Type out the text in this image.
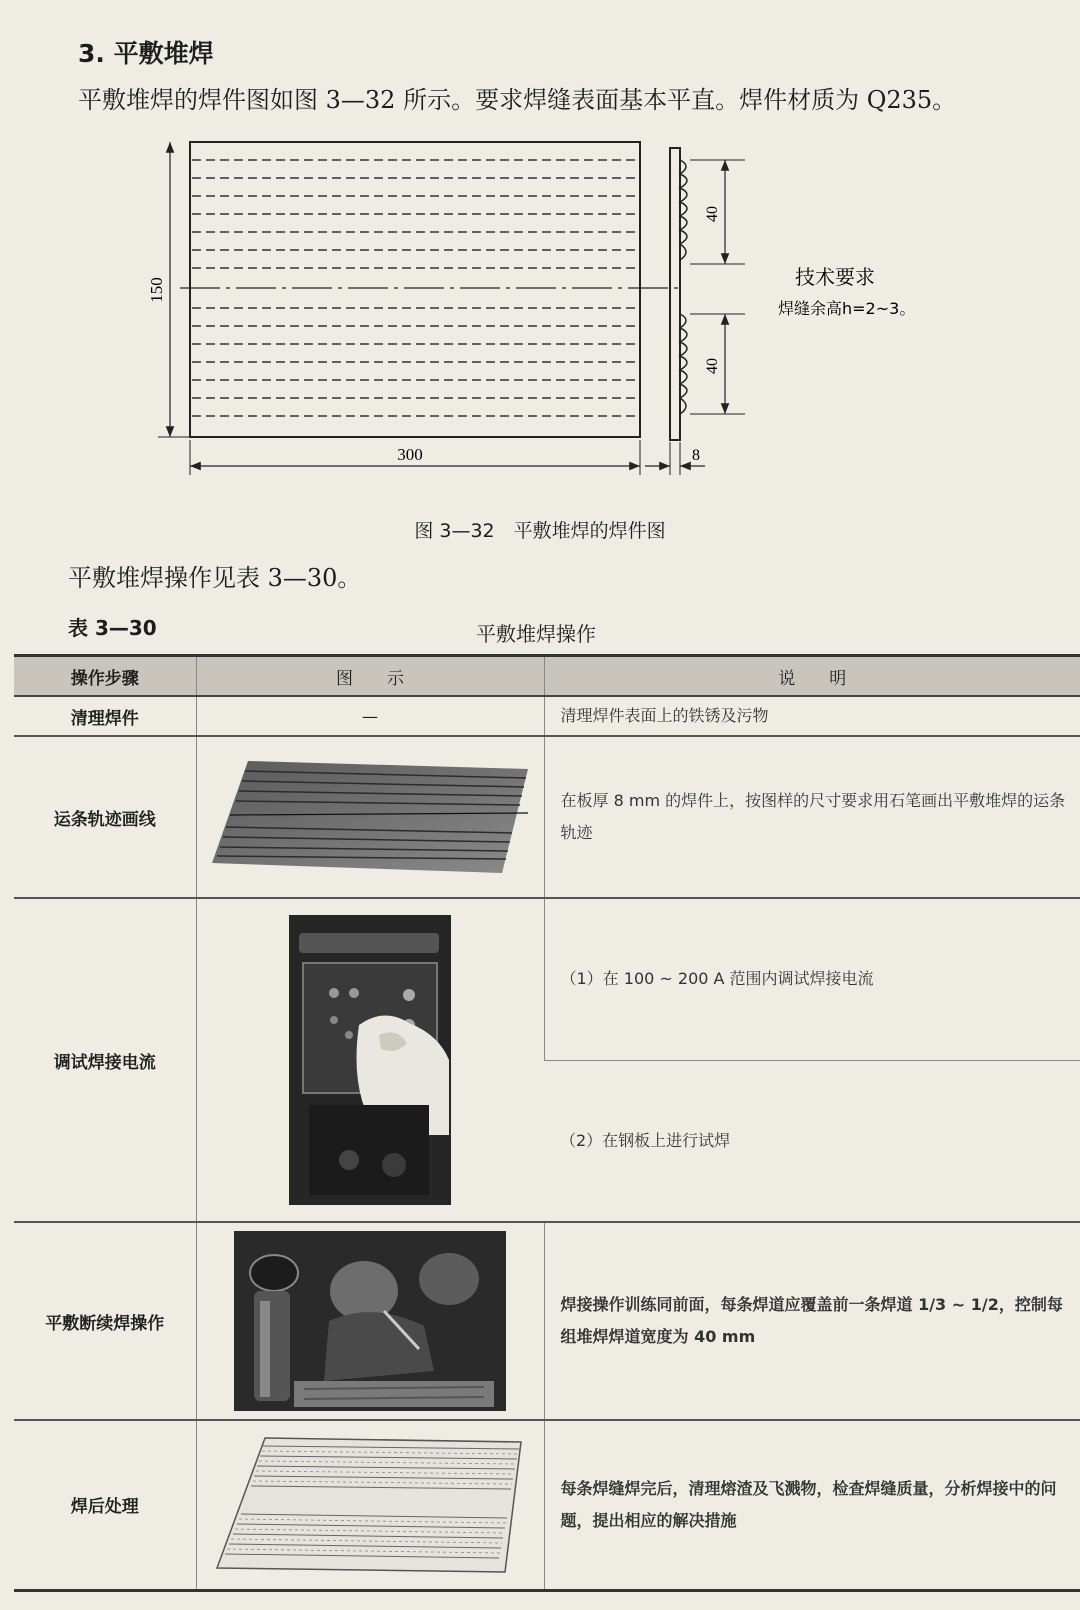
3. 平敷堆焊
平敷堆焊的焊件图如图 3—32 所示。要求焊缝表面基本平直。焊件材质为 Q235。
150
300	8
40
40
技术要求
焊缝余高h=2~3。
图 3—32　平敷堆焊的焊件图
平敷堆焊操作见表 3—30。
表 3—30	平敷堆焊操作
操作步骤	图　　示	说　　明
清理焊件	—	清理焊件表面上的铁锈及污物
运条轨迹画线		在板厚 8 mm 的焊件上，按图样的尺寸要求用石笔画出平敷堆焊的运条轨迹
调试焊接电流		（1）在 100 ~ 200 A 范围内调试焊接电流
		（2）在钢板上进行试焊
平敷断续焊操作		焊接操作训练同前面，每条焊道应覆盖前一条焊道 1/3 ~ 1/2，控制每组堆焊焊道宽度为 40 mm
焊后处理		每条焊缝焊完后，清理熔渣及飞溅物，检查焊缝质量，分析焊接中的问题，提出相应的解决措施
